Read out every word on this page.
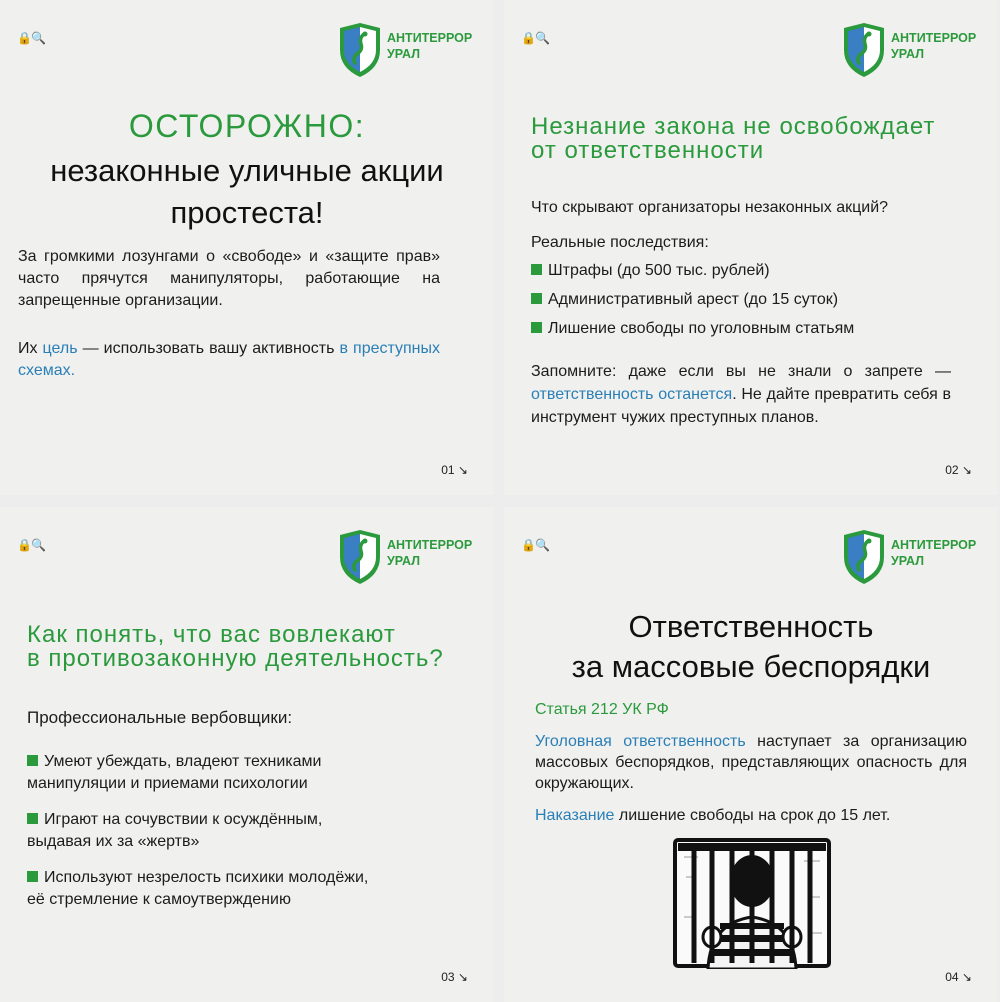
🔒🔍	АНТИТЕРРОР
УРАЛ
ОСТОРОЖНО:
незаконные уличные акции
простеста!
За громкими лозунгами о «свободе» и «защите прав» часто прячутся манипуляторы, работающие на запрещенные организации.
Их цель — использовать вашу активность в преступных схемах.
01 ↘
🔒🔍	АНТИТЕРРОР
УРАЛ
Незнание закона не освобождает
от ответственности
Что скрывают организаторы незаконных акций?
Реальные последствия:
Штрафы (до 500 тыс. рублей)
Административный арест (до 15 суток)
Лишение свободы по уголовным статьям
Запомните: даже если вы не знали о запрете — ответственность останется. Не дайте превратить себя в инструмент чужих преступных планов.
02 ↘
🔒🔍	АНТИТЕРРОР
УРАЛ
Как понять, что вас вовлекают
в противозаконную деятельность?
Профессиональные вербовщики:
Умеют убеждать, владеют техниками манипуляции и приемами психологии
Играют на сочувствии к осуждённым, выдавая их за «жертв»
Используют незрелость психики молодёжи, её стремление к самоутверждению
03 ↘
🔒🔍	АНТИТЕРРОР
УРАЛ
Ответственность
за массовые беспорядки
Статья 212 УК РФ
Уголовная ответственность наступает за организацию массовых беспорядков, представляющих опасность для окружающих.
Наказание лишение свободы на срок до 15 лет.
04 ↘
